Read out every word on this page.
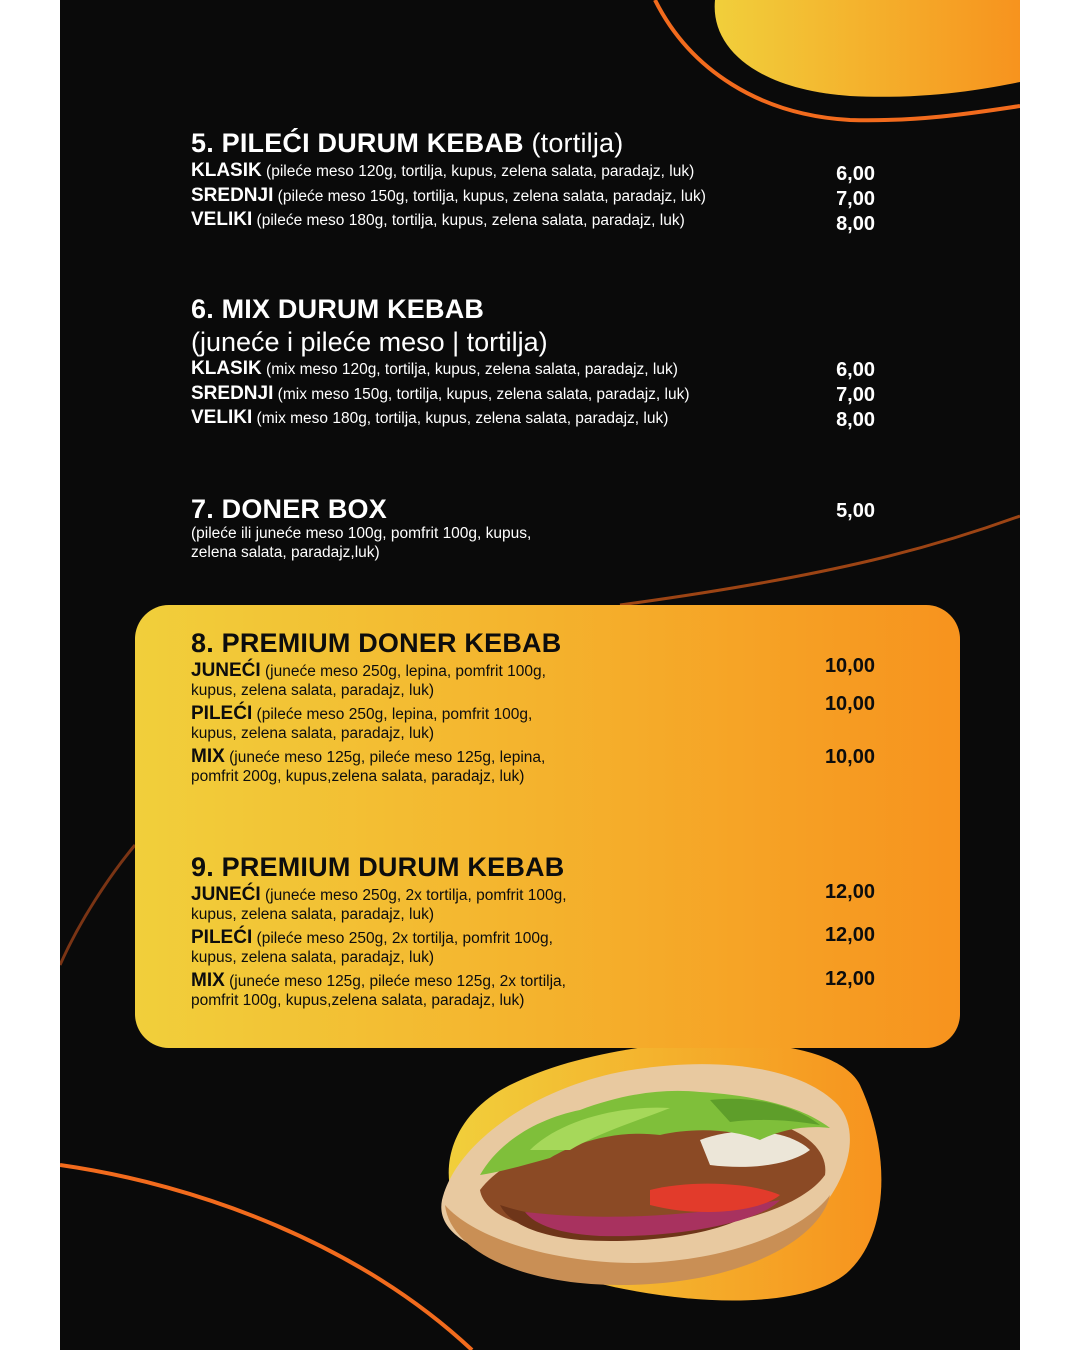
5. PILEĆI DURUM KEBAB (tortilja)
KLASIK (pileće meso 120g, tortilja, kupus, zelena salata, paradajz, luk)
SREDNJI (pileće meso 150g, tortilja, kupus, zelena salata, paradajz, luk)
VELIKI (pileće meso 180g, tortilja, kupus, zelena salata, paradajz, luk)
6,00
7,00
8,00
6. MIX DURUM KEBAB
(juneće i pileće meso | tortilja)
KLASIK (mix meso 120g, tortilja, kupus, zelena salata, paradajz, luk)
SREDNJI (mix meso 150g, tortilja, kupus, zelena salata, paradajz, luk)
VELIKI (mix meso 180g, tortilja, kupus, zelena salata, paradajz, luk)
6,00
7,00
8,00
7. DONER BOX	5,00
(pileće ili juneće meso 100g, pomfrit 100g, kupus,
zelena salata, paradajz,luk)
8. PREMIUM DONER KEBAB
JUNEĆI (juneće meso 250g, lepina, pomfrit 100g,
kupus, zelena salata, paradajz, luk)
PILEĆI (pileće meso 250g, lepina, pomfrit 100g,
kupus, zelena salata, paradajz, luk)
MIX (juneće meso 125g, pileće meso 125g, lepina,
pomfrit 200g, kupus,zelena salata, paradajz, luk)
10,00
10,00
10,00
9. PREMIUM DURUM KEBAB
JUNEĆI (juneće meso 250g, 2x tortilja, pomfrit 100g,
kupus, zelena salata, paradajz, luk)
PILEĆI (pileće meso 250g, 2x tortilja, pomfrit 100g,
kupus, zelena salata, paradajz, luk)
MIX (juneće meso 125g, pileće meso 125g, 2x tortilja,
pomfrit 100g, kupus,zelena salata, paradajz, luk)
12,00
12,00
12,00
